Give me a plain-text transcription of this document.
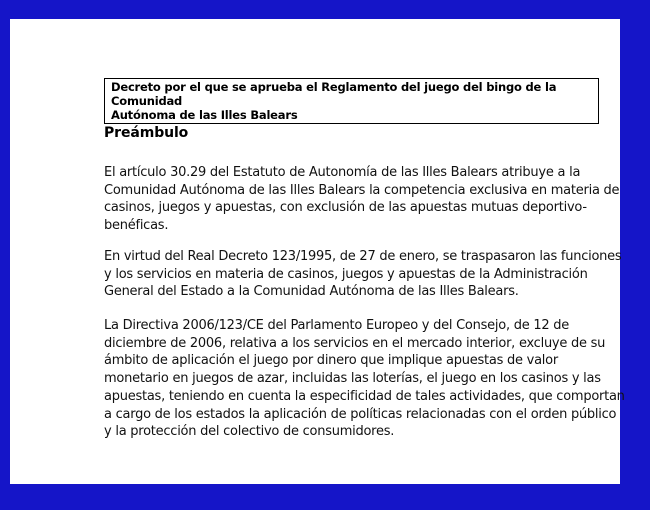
Decreto por el que se aprueba el Reglamento del juego del bingo de la Comunidad
Autónoma de las Illes Balears
Preámbulo
El artículo 30.29 del Estatuto de Autonomía de las Illes Balears atribuye a la
Comunidad Autónoma de las Illes Balears la competencia exclusiva en materia de
casinos, juegos y apuestas, con exclusión de las apuestas mutuas deportivo-
benéficas.
En virtud del Real Decreto 123/1995, de 27 de enero, se traspasaron las funciones
y los servicios en materia de casinos, juegos y apuestas de la Administración
General del Estado a la Comunidad Autónoma de las Illes Balears.
La Directiva 2006/123/CE del Parlamento Europeo y del Consejo, de 12 de
diciembre de 2006, relativa a los servicios en el mercado interior, excluye de su
ámbito de aplicación el juego por dinero que implique apuestas de valor
monetario en juegos de azar, incluidas las loterías, el juego en los casinos y las
apuestas, teniendo en cuenta la especificidad de tales actividades, que comportan
a cargo de los estados la aplicación de políticas relacionadas con el orden público
y la protección del colectivo de consumidores.
